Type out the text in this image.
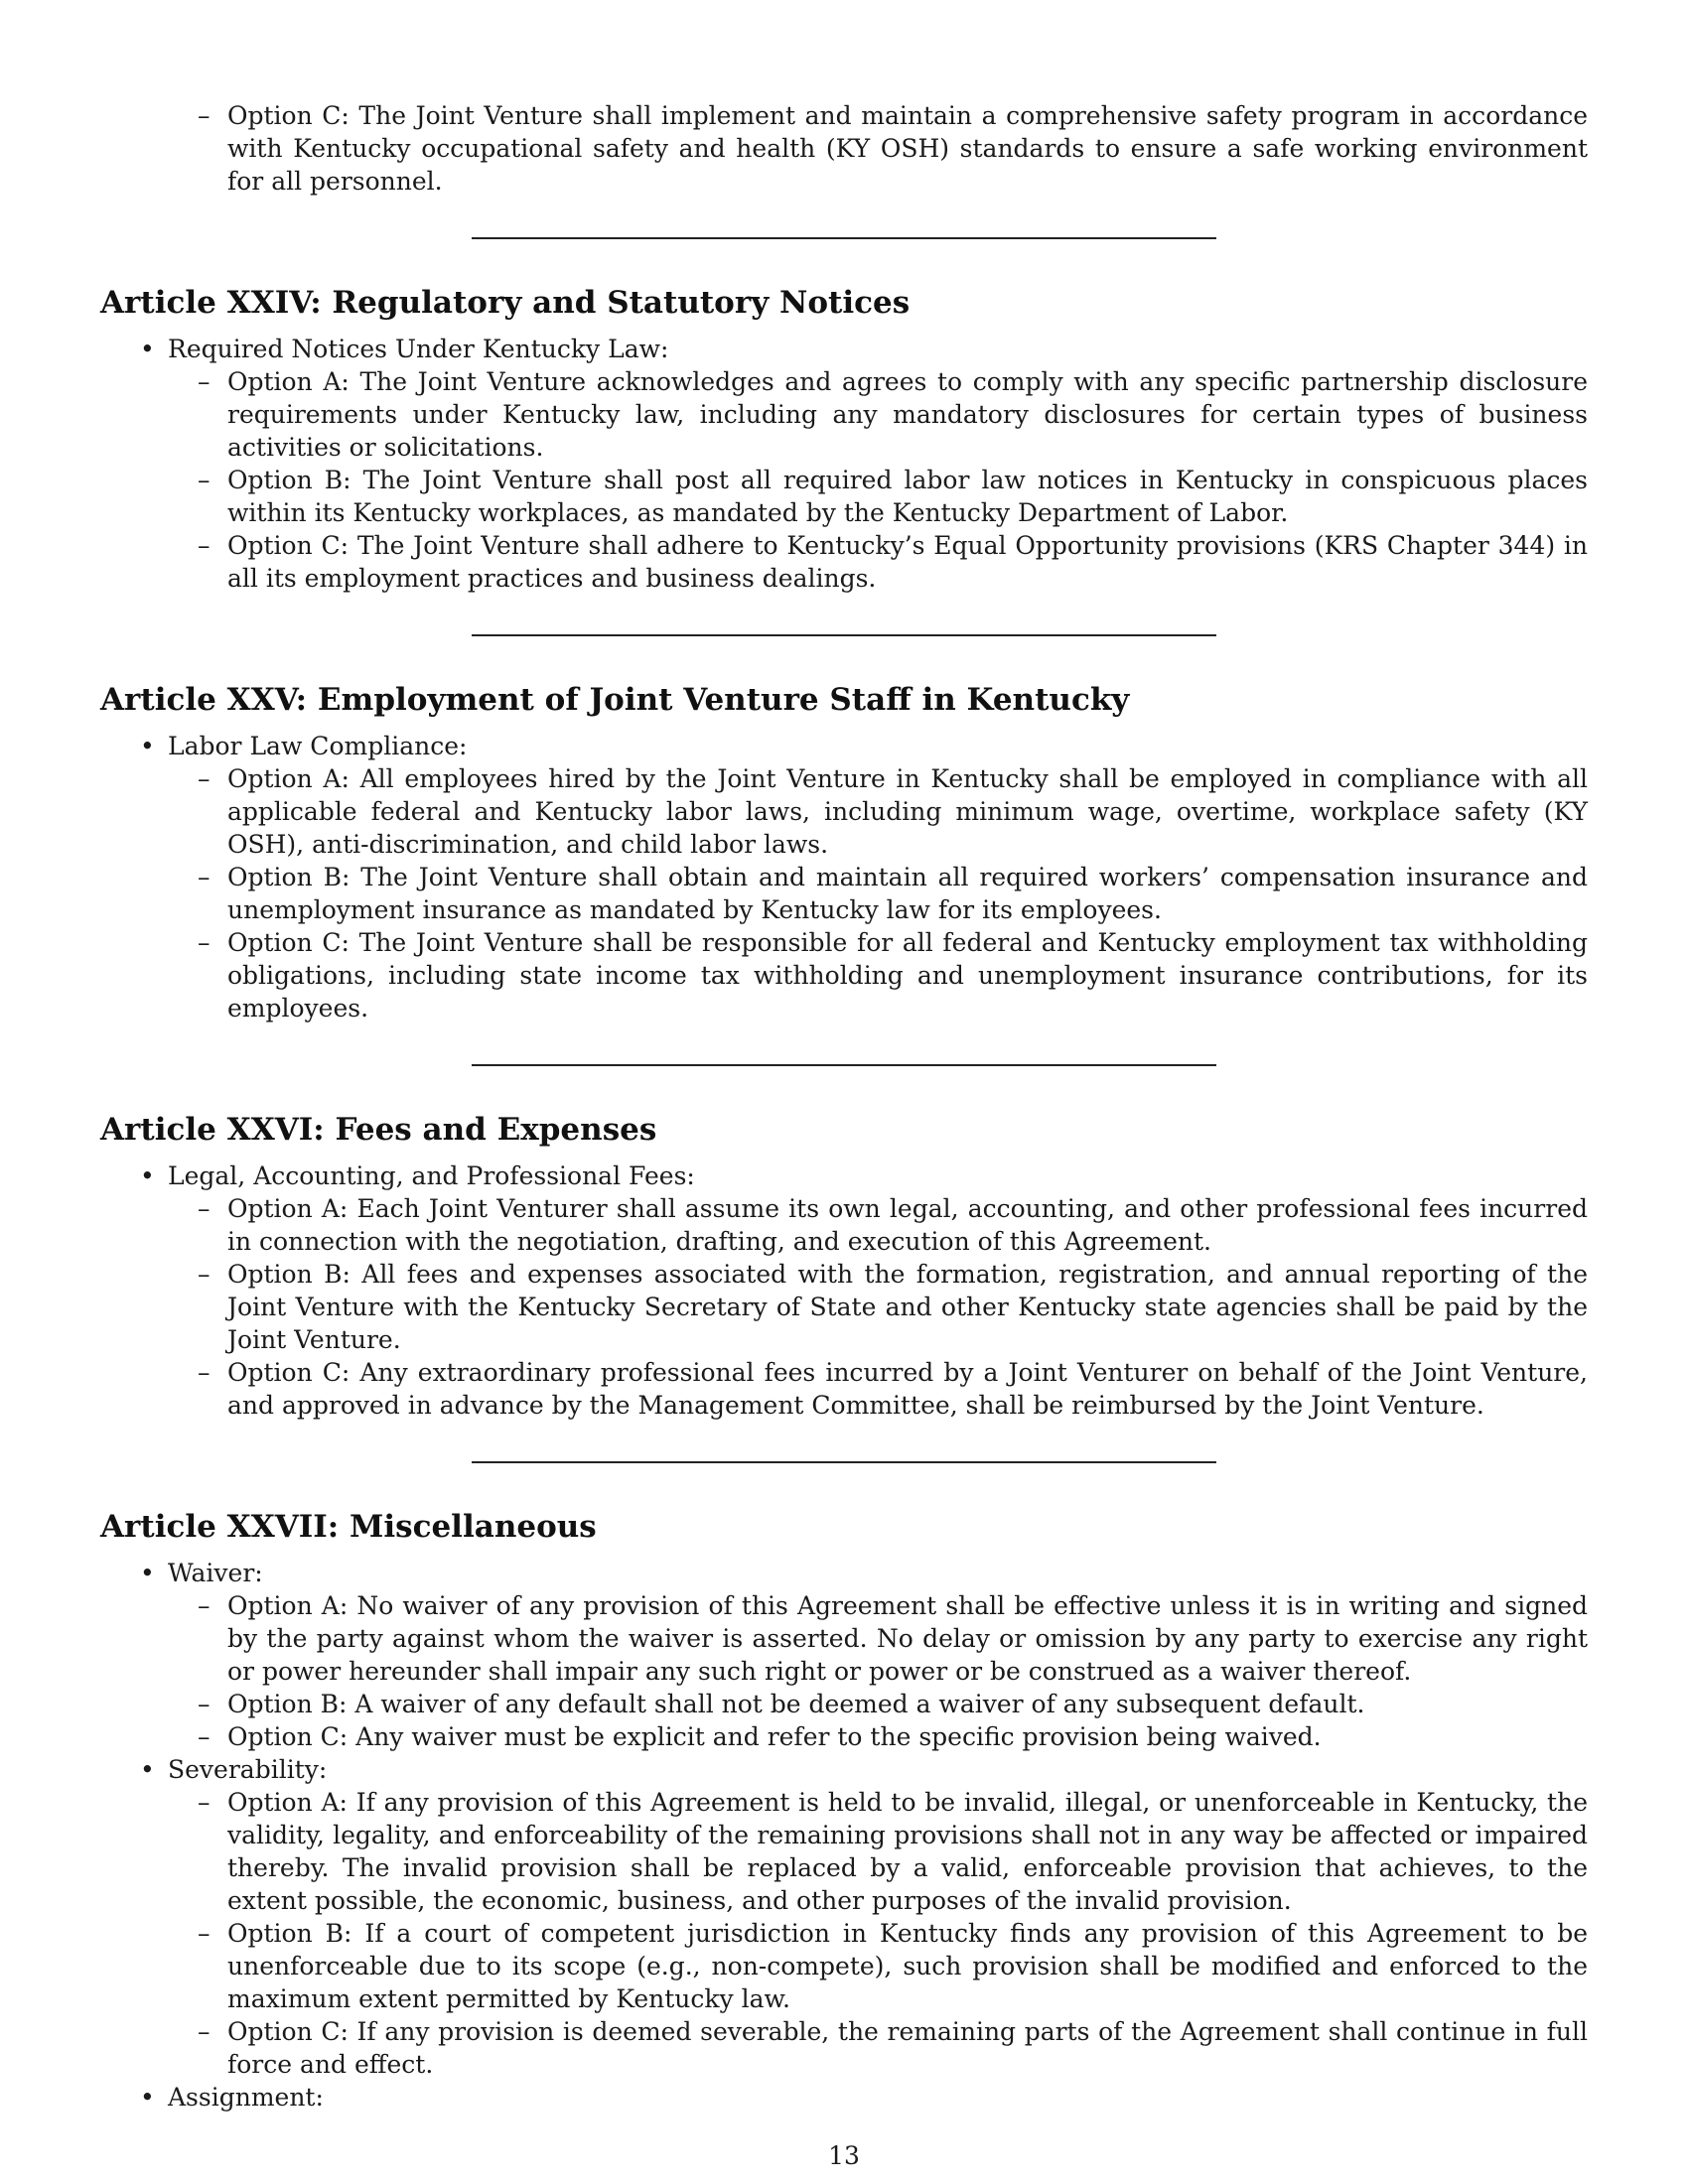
– Option C: The Joint Venture shall implement and maintain a comprehensive safety program in accordance with Kentucky occupational safety and health (KY OSH) standards to ensure a safe working environment for all personnel.
Article XXIV: Regulatory and Statutory Notices
• Required Notices Under Kentucky Law:
– Option A: The Joint Venture acknowledges and agrees to comply with any specific partnership disclosure requirements under Kentucky law, including any mandatory disclosures for certain types of business activities or solicitations.
– Option B: The Joint Venture shall post all required labor law notices in Kentucky in conspicuous places within its Kentucky workplaces, as mandated by the Kentucky Department of Labor.
– Option C: The Joint Venture shall adhere to Kentucky’s Equal Opportunity provisions (KRS Chapter 344) in all its employment practices and business dealings.
Article XXV: Employment of Joint Venture Staff in Kentucky
• Labor Law Compliance:
– Option A: All employees hired by the Joint Venture in Kentucky shall be employed in compliance with all applicable federal and Kentucky labor laws, including minimum wage, overtime, workplace safety (KY OSH), anti-discrimination, and child labor laws.
– Option B: The Joint Venture shall obtain and maintain all required workers’ compensation insurance and unemployment insurance as mandated by Kentucky law for its employees.
– Option C: The Joint Venture shall be responsible for all federal and Kentucky employment tax withholding obligations, including state income tax withholding and unemployment insurance contributions, for its employees.
Article XXVI: Fees and Expenses
• Legal, Accounting, and Professional Fees:
– Option A: Each Joint Venturer shall assume its own legal, accounting, and other professional fees incurred in connection with the negotiation, drafting, and execution of this Agreement.
– Option B: All fees and expenses associated with the formation, registration, and annual reporting of the Joint Venture with the Kentucky Secretary of State and other Kentucky state agencies shall be paid by the Joint Venture.
– Option C: Any extraordinary professional fees incurred by a Joint Venturer on behalf of the Joint Venture, and approved in advance by the Management Committee, shall be reimbursed by the Joint Venture.
Article XXVII: Miscellaneous
• Waiver:
– Option A: No waiver of any provision of this Agreement shall be effective unless it is in writing and signed by the party against whom the waiver is asserted. No delay or omission by any party to exercise any right or power hereunder shall impair any such right or power or be construed as a waiver thereof.
– Option B: A waiver of any default shall not be deemed a waiver of any subsequent default.
– Option C: Any waiver must be explicit and refer to the specific provision being waived.
• Severability:
– Option A: If any provision of this Agreement is held to be invalid, illegal, or unenforceable in Kentucky, the validity, legality, and enforceability of the remaining provisions shall not in any way be affected or impaired thereby. The invalid provision shall be replaced by a valid, enforceable provision that achieves, to the extent possible, the economic, business, and other purposes of the invalid provision.
– Option B: If a court of competent jurisdiction in Kentucky finds any provision of this Agreement to be unenforceable due to its scope (e.g., non-compete), such provision shall be modified and enforced to the maximum extent permitted by Kentucky law.
– Option C: If any provision is deemed severable, the remaining parts of the Agreement shall continue in full force and effect.
• Assignment:
13
